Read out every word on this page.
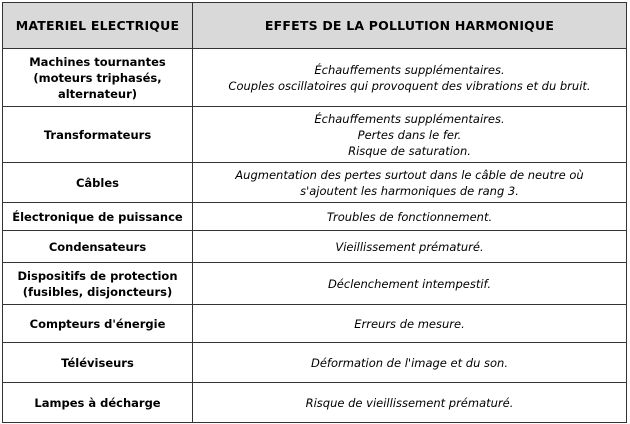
MATERIEL ELECTRIQUE	EFFETS DE LA POLLUTION HARMONIQUE

Machines tournantes
(moteurs triphasés,
alternateur)	Échauffements supplémentaires.
Couples oscillatoires qui provoquent des vibrations et du bruit.

Transformateurs	Échauffements supplémentaires.
Pertes dans le fer.
Risque de saturation.

Câbles	Augmentation des pertes surtout dans le câble de neutre où
s'ajoutent les harmoniques de rang 3.

Électronique de puissance	Troubles de fonctionnement.

Condensateurs	Vieillissement prématuré.

Dispositifs de protection
(fusibles, disjoncteurs)	Déclenchement intempestif.

Compteurs d'énergie	Erreurs de mesure.

Téléviseurs	Déformation de l'image et du son.

Lampes à décharge	Risque de vieillissement prématuré.
